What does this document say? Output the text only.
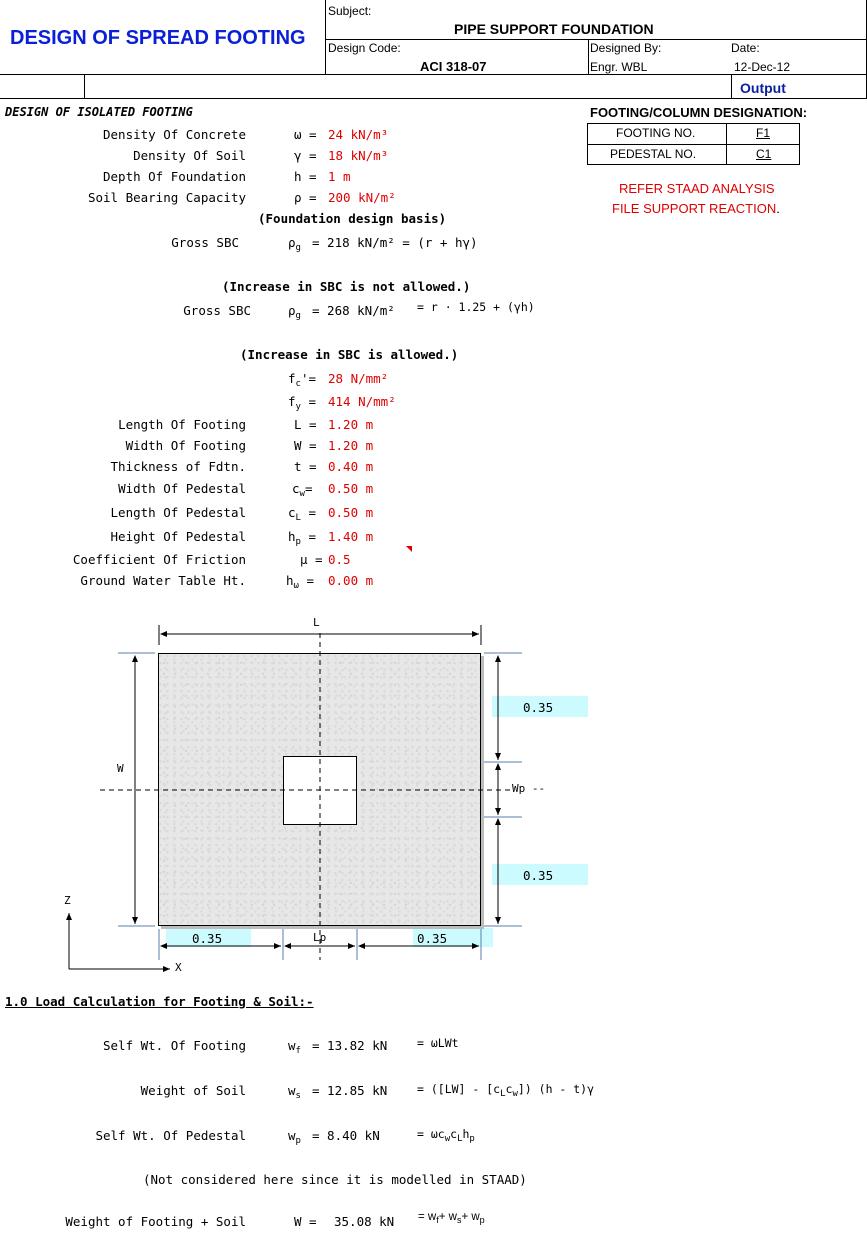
DESIGN OF SPREAD FOOTING
Subject:
PIPE SUPPORT FOUNDATION
Design Code:
ACI 318-07
Designed By:
Engr. WBL
Date:
12-Dec-12
Output
DESIGN OF ISOLATED FOOTING	FOOTING/COLUMN DESIGNATION:
FOOTING NO.	F1
PEDESTAL NO.	C1
REFER STAAD ANALYSIS
FILE SUPPORT REACTION.
Density Of Concrete	ω = 24 kN/m³
Density Of Soil	γ = 18 kN/m³
Depth Of Foundation	h = 1 m
Soil Bearing Capacity	ρ = 200 kN/m²
(Foundation design basis)
Gross SBC	$\rho_g = 218$ kN/m² = (r + hγ)
(Increase in SBC is not allowed.)
Gross SBC	$\rho_g = 268$ kN/m² = r · 1.25 + (γh)
(Increase in SBC is allowed.)
$f_c'= 28$ N/mm²
$f_y = 414$ N/mm²
Length Of Footing	L = 1.20 m
Width Of Footing	W = 1.20 m
Thickness of Fdtn.	t = 0.40 m
Width Of Pedestal	$c_w= 0.50$ m
Length Of Pedestal	$c_L = 0.50$ m
Height Of Pedestal	$h_p = 1.40$ m
Coefficient Of Friction	μ = 0.5
Ground Water Table Ht.	$h_\omega = 0.00$ m
L
W
Wp --
Lp
Z
X
0.35
0.35
0.35	0.35
1.0 Load Calculation for Footing & Soil:-
Self Wt. Of Footing	$w_f = 13.82$ kN	= ωLWt
Weight of Soil	$w_s = 12.85$ kN	= $([LW] - [c_Lc_w])$ (h - t)γ
Self Wt. Of Pedestal	$w_p = 8.40$ kN	= $\omega c_wc_Lh_p$
(Not considered here since it is modelled in STAAD)
Weight of Footing + Soil	W = 35.08 kN = $w_f+ w_s+ w_p$
